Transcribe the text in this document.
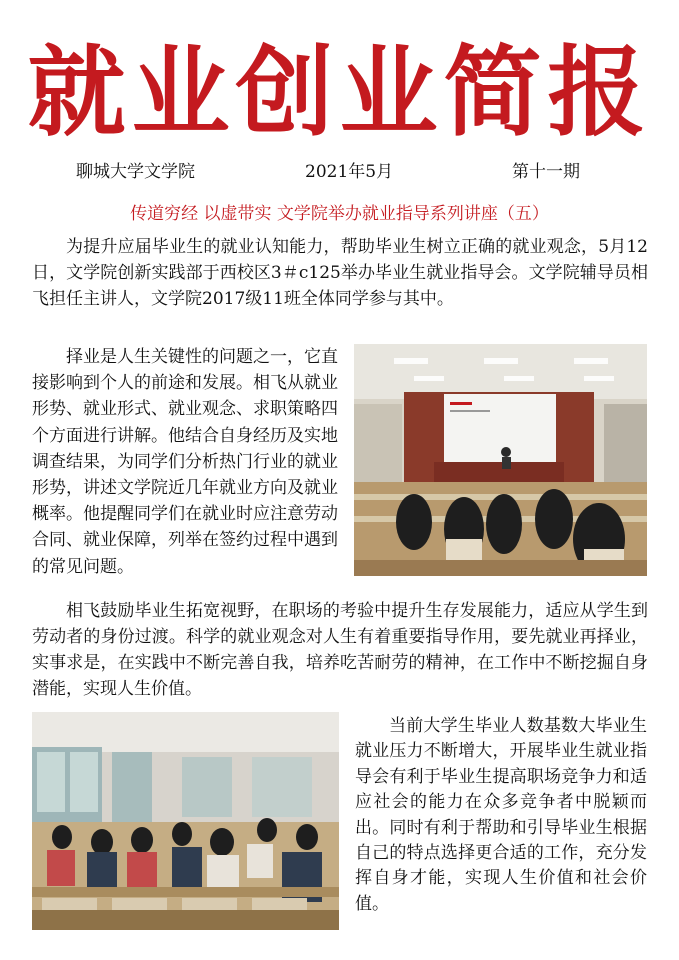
就业创业简报
聊城大学文学院	2021年5月	第十一期
传道穷经 以虚带实 文学院举办就业指导系列讲座（五）

为提升应届毕业生的就业认知能力，帮助毕业生树立正确的就业观念，5月12日，文学院创新实践部于西校区3＃c125举办毕业生就业指导会。文学院辅导员相飞担任主讲人，文学院2017级11班全体同学参与其中。

择业是人生关键性的问题之一，它直接影响到个人的前途和发展。相飞从就业形势、就业形式、就业观念、求职策略四个方面进行讲解。他结合自身经历及实地调查结果，为同学们分析热门行业的就业形势，讲述文学院近几年就业方向及就业概率。他提醒同学们在就业时应注意劳动合同、就业保障，列举在签约过程中遇到的常见问题。

相飞鼓励毕业生拓宽视野，在职场的考验中提升生存发展能力，适应从学生到劳动者的身份过渡。科学的就业观念对人生有着重要指导作用，要先就业再择业，实事求是，在实践中不断完善自我，培养吃苦耐劳的精神，在工作中不断挖掘自身潜能，实现人生价值。

当前大学生毕业人数基数大毕业生就业压力不断增大，开展毕业生就业指导会有利于毕业生提高职场竞争力和适应社会的能力在众多竞争者中脱颖而出。同时有利于帮助和引导毕业生根据自己的特点选择更合适的工作，充分发挥自身才能，实现人生价值和社会价值。
